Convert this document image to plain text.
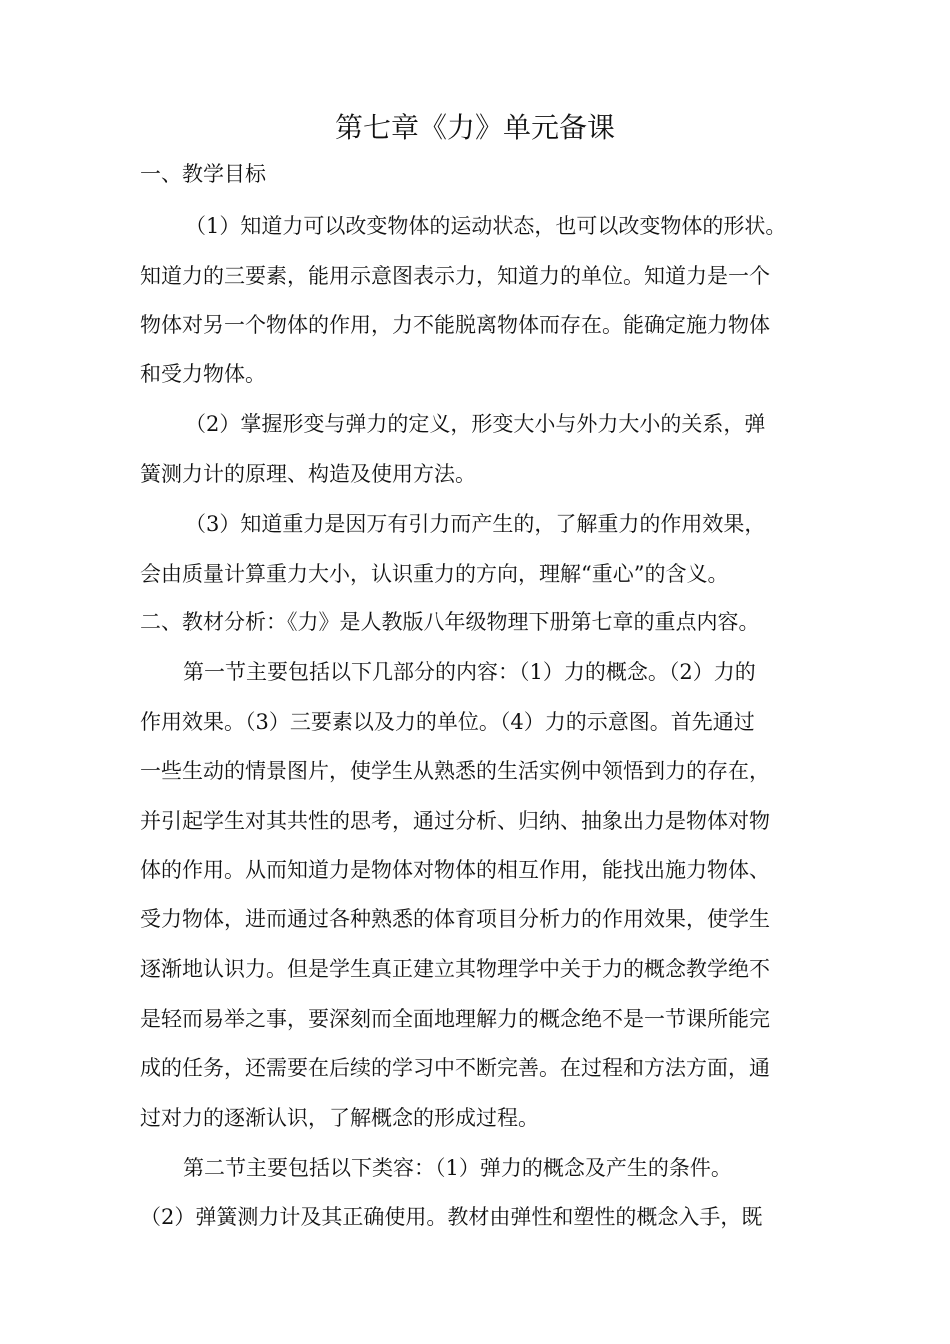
第七章《力》单元备课

一、教学目标

（1）知道力可以改变物体的运动状态，也可以改变物体的形状。

知道力的三要素，能用示意图表示力，知道力的单位。知道力是一个

物体对另一个物体的作用，力不能脱离物体而存在。能确定施力物体

和受力物体。

（2）掌握形变与弹力的定义，形变大小与外力大小的关系，弹

簧测力计的原理、构造及使用方法。

（3）知道重力是因万有引力而产生的，了解重力的作用效果，

会由质量计算重力大小，认识重力的方向，理解“重心”的含义。

二、教材分析：《力》是人教版八年级物理下册第七章的重点内容。

第一节主要包括以下几部分的内容：（1）力的概念。（2）力的

作用效果。（3）三要素以及力的单位。（4）力的示意图。首先通过

一些生动的情景图片，使学生从熟悉的生活实例中领悟到力的存在，

并引起学生对其共性的思考，通过分析、归纳、抽象出力是物体对物

体的作用。从而知道力是物体对物体的相互作用，能找出施力物体、

受力物体，进而通过各种熟悉的体育项目分析力的作用效果，使学生

逐渐地认识力。但是学生真正建立其物理学中关于力的概念教学绝不

是轻而易举之事，要深刻而全面地理解力的概念绝不是一节课所能完

成的任务，还需要在后续的学习中不断完善。在过程和方法方面，通

过对力的逐渐认识，了解概念的形成过程。

第二节主要包括以下类容：（1）弹力的概念及产生的条件。

（2）弹簧测力计及其正确使用。教材由弹性和塑性的概念入手，既
